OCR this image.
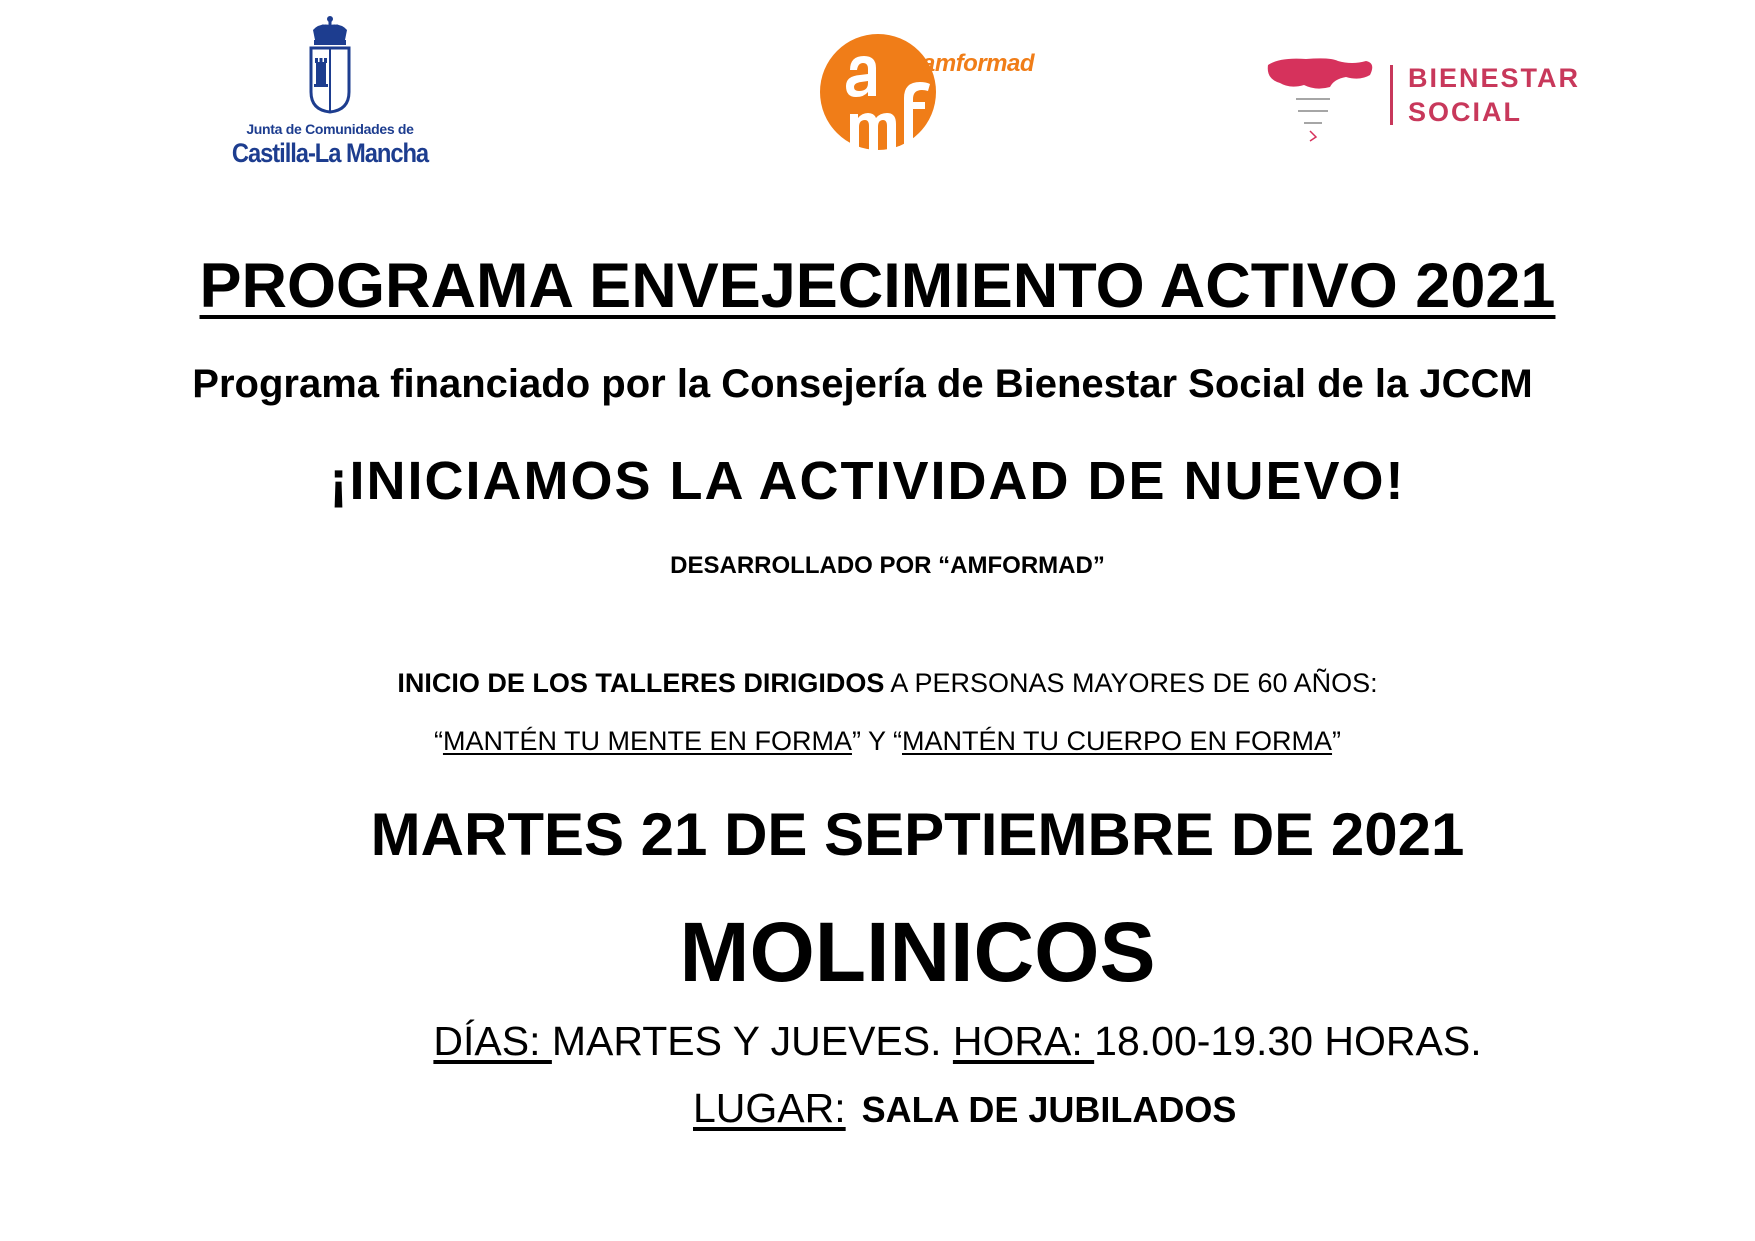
Junta de Comunidades de
Castilla-La Mancha
amformad	BIENESTAR
SOCIAL
PROGRAMA ENVEJECIMIENTO ACTIVO 2021
Programa financiado por la Consejería de Bienestar Social de la JCCM
¡INICIAMOS LA ACTIVIDAD DE NUEVO!
DESARROLLADO POR “AMFORMAD”
INICIO DE LOS TALLERES DIRIGIDOS A PERSONAS MAYORES DE 60 AÑOS:
“MANTÉN TU MENTE EN FORMA” Y “MANTÉN TU CUERPO EN FORMA”
MARTES 21 DE SEPTIEMBRE DE 2021
MOLINICOS
DÍAS: MARTES Y JUEVES. HORA: 18.00-19.30 HORAS.
LUGAR: SALA DE JUBILADOS
